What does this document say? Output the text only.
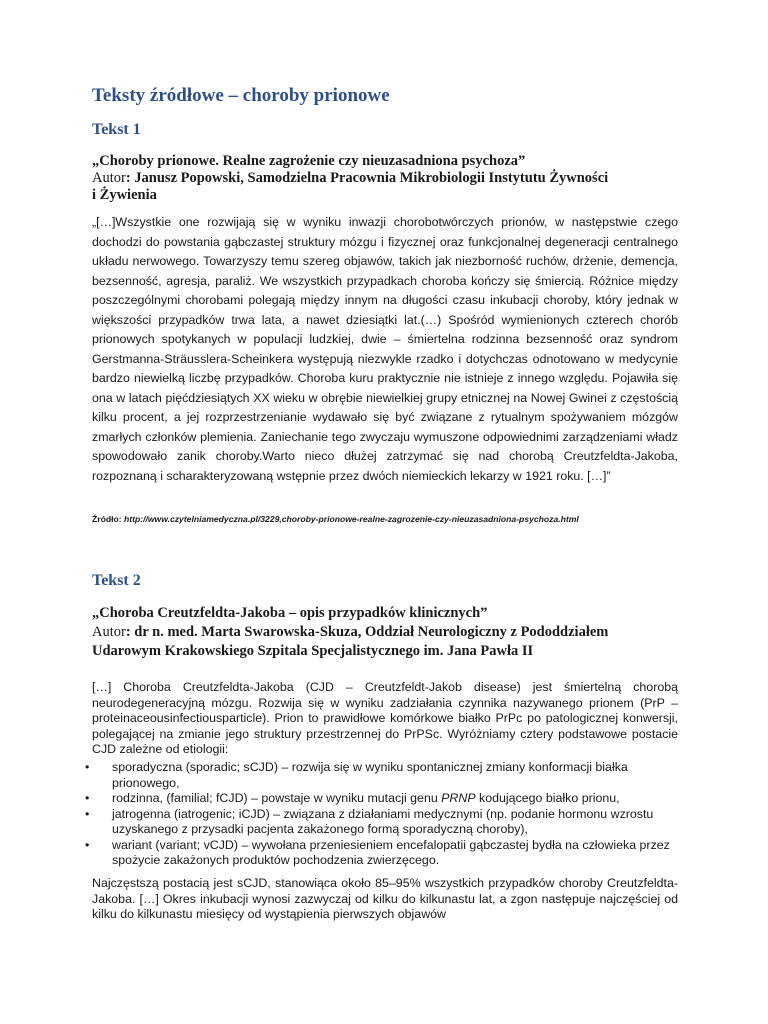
Teksty źródłowe – choroby prionowe
Tekst 1
„Choroby prionowe. Realne zagrożenie czy nieuzasadniona psychoza”
Autor: Janusz Popowski, Samodzielna Pracownia Mikrobiologii Instytutu Żywności
i Żywienia
„[…]Wszystkie one rozwijają się w wyniku inwazji chorobotwórczych prionów, w następstwie czego dochodzi do powstania gąbczastej struktury mózgu i fizycznej oraz funkcjonalnej degeneracji centralnego układu nerwowego. Towarzyszy temu szereg objawów, takich jak niezborność ruchów, drżenie, demencja, bezsenność, agresja, paraliż. We wszystkich przypadkach choroba kończy się śmiercią. Różnice między poszczególnymi chorobami polegają między innym na długości czasu inkubacji choroby, który jednak w większości przypadków trwa lata, a nawet dziesiątki lat.(…) Spośród wymienionych czterech chorób prionowych spotykanych w populacji ludzkiej, dwie – śmiertelna rodzinna bezsenność oraz syndrom Gerstmanna-Sträusslera-Scheinkera występują niezwykle rzadko i dotychczas odnotowano w medycynie bardzo niewielką liczbę przypadków. Choroba kuru praktycznie nie istnieje z innego względu. Pojawiła się ona w latach pięćdziesiątych XX wieku w obrębie niewielkiej grupy etnicznej na Nowej Gwinei z częstością kilku procent, a jej rozprzestrzenianie wydawało się być związane z rytualnym spożywaniem mózgów zmarłych członków plemienia. Zaniechanie tego zwyczaju wymuszone odpowiednimi zarządzeniami władz spowodowało zanik choroby.Warto nieco dłużej zatrzymać się nad chorobą Creutzfeldta-Jakoba, rozpoznaną i scharakteryzowaną wstępnie przez dwóch niemieckich lekarzy w 1921 roku. […]”
Źródło: http://www.czytelniamedyczna.pl/3229,choroby-prionowe-realne-zagrozenie-czy-nieuzasadniona-psychoza.html
Tekst 2
„Choroba Creutzfeldta-Jakoba – opis przypadków klinicznych”
Autor: dr n. med. Marta Swarowska-Skuza, Oddział Neurologiczny z Pododdziałem Udarowym Krakowskiego Szpitala Specjalistycznego im. Jana Pawła II
[…] Choroba Creutzfeldta-Jakoba (CJD – Creutzfeldt-Jakob disease) jest śmiertelną chorobą neurodegeneracyjną mózgu. Rozwija się w wyniku zadziałania czynnika nazywanego prionem (PrP – proteinaceousinfectiousparticle). Prion to prawidłowe komórkowe białko PrPc po patologicznej konwersji, polegającej na zmianie jego struktury przestrzennej do PrPSc. Wyróżniamy cztery podstawowe postacie CJD zależne od etiologii:
• sporadyczna (sporadic; sCJD) – rozwija się w wyniku spontanicznej zmiany konformacji białka prionowego,
• rodzinna, (familial; fCJD) – powstaje w wyniku mutacji genu PRNP kodującego białko prionu,
• jatrogenna (iatrogenic; iCJD) – związana z działaniami medycznymi (np. podanie hormonu wzrostu uzyskanego z przysadki pacjenta zakażonego formą sporadyczną choroby),
• wariant (variant; vCJD) – wywołana przeniesieniem encefalopatii gąbczastej bydła na człowieka przez spożycie zakażonych produktów pochodzenia zwierzęcego.
Najczęstszą postacią jest sCJD, stanowiąca około 85–95% wszystkich przypadków choroby Creutzfeldta-Jakoba. […] Okres inkubacji wynosi zazwyczaj od kilku do kilkunastu lat, a zgon następuje najczęściej od kilku do kilkunastu miesięcy od wystąpienia pierwszych objawów
